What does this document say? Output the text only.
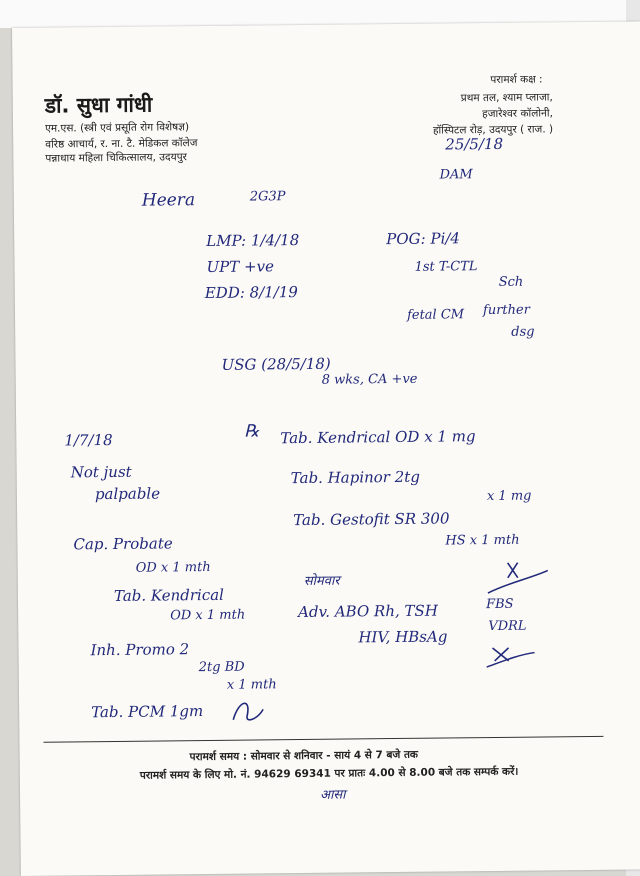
डॉ. सुधा गांधी
एम.एस. (स्त्री एवं प्रसूति रोग विशेषज्ञ)
वरिष्ठ आचार्य, र. ना. टै. मेडिकल कॉलेज
पन्नाधाय महिला चिकित्सालय, उदयपुर
परामर्श कक्ष :
प्रथम तल, श्याम प्लाजा,
हजारेश्वर कॉलोनी,
हॉस्पिटल रोड़, उदयपुर ( राज. )
25/5/18
DAM
Heera	2G3P
LMP: 1/4/18
UPT +ve
EDD: 8/1/19
POG: Pi/4
1st T-CTL
Sch
fetal CM further
dsg
USG (28/5/18)
8 wks, CA +ve
℞ Tab. Kendrical OD x 1 mg
Tab. Hapinor 2tg
x 1 mg
Tab. Gestofit SR 300
HS x 1 mth
1/7/18
Not just
palpable
Cap. Probate
OD x 1 mth
Tab. Kendrical
OD x 1 mth
Inh. Promo 2
2tg BD
x 1 mth
Tab. PCM 1gm
सोमवार
Adv. ABO Rh, TSH
HIV, HBsAg
FBS
VDRL
परामर्श समय : सोमवार से शनिवार - सायं 4 से 7 बजे तक
परामर्श समय के लिए मो. नं. 94629 69341 पर प्रातः 4.00 से 8.00 बजे तक सम्पर्क करें।
आसा
